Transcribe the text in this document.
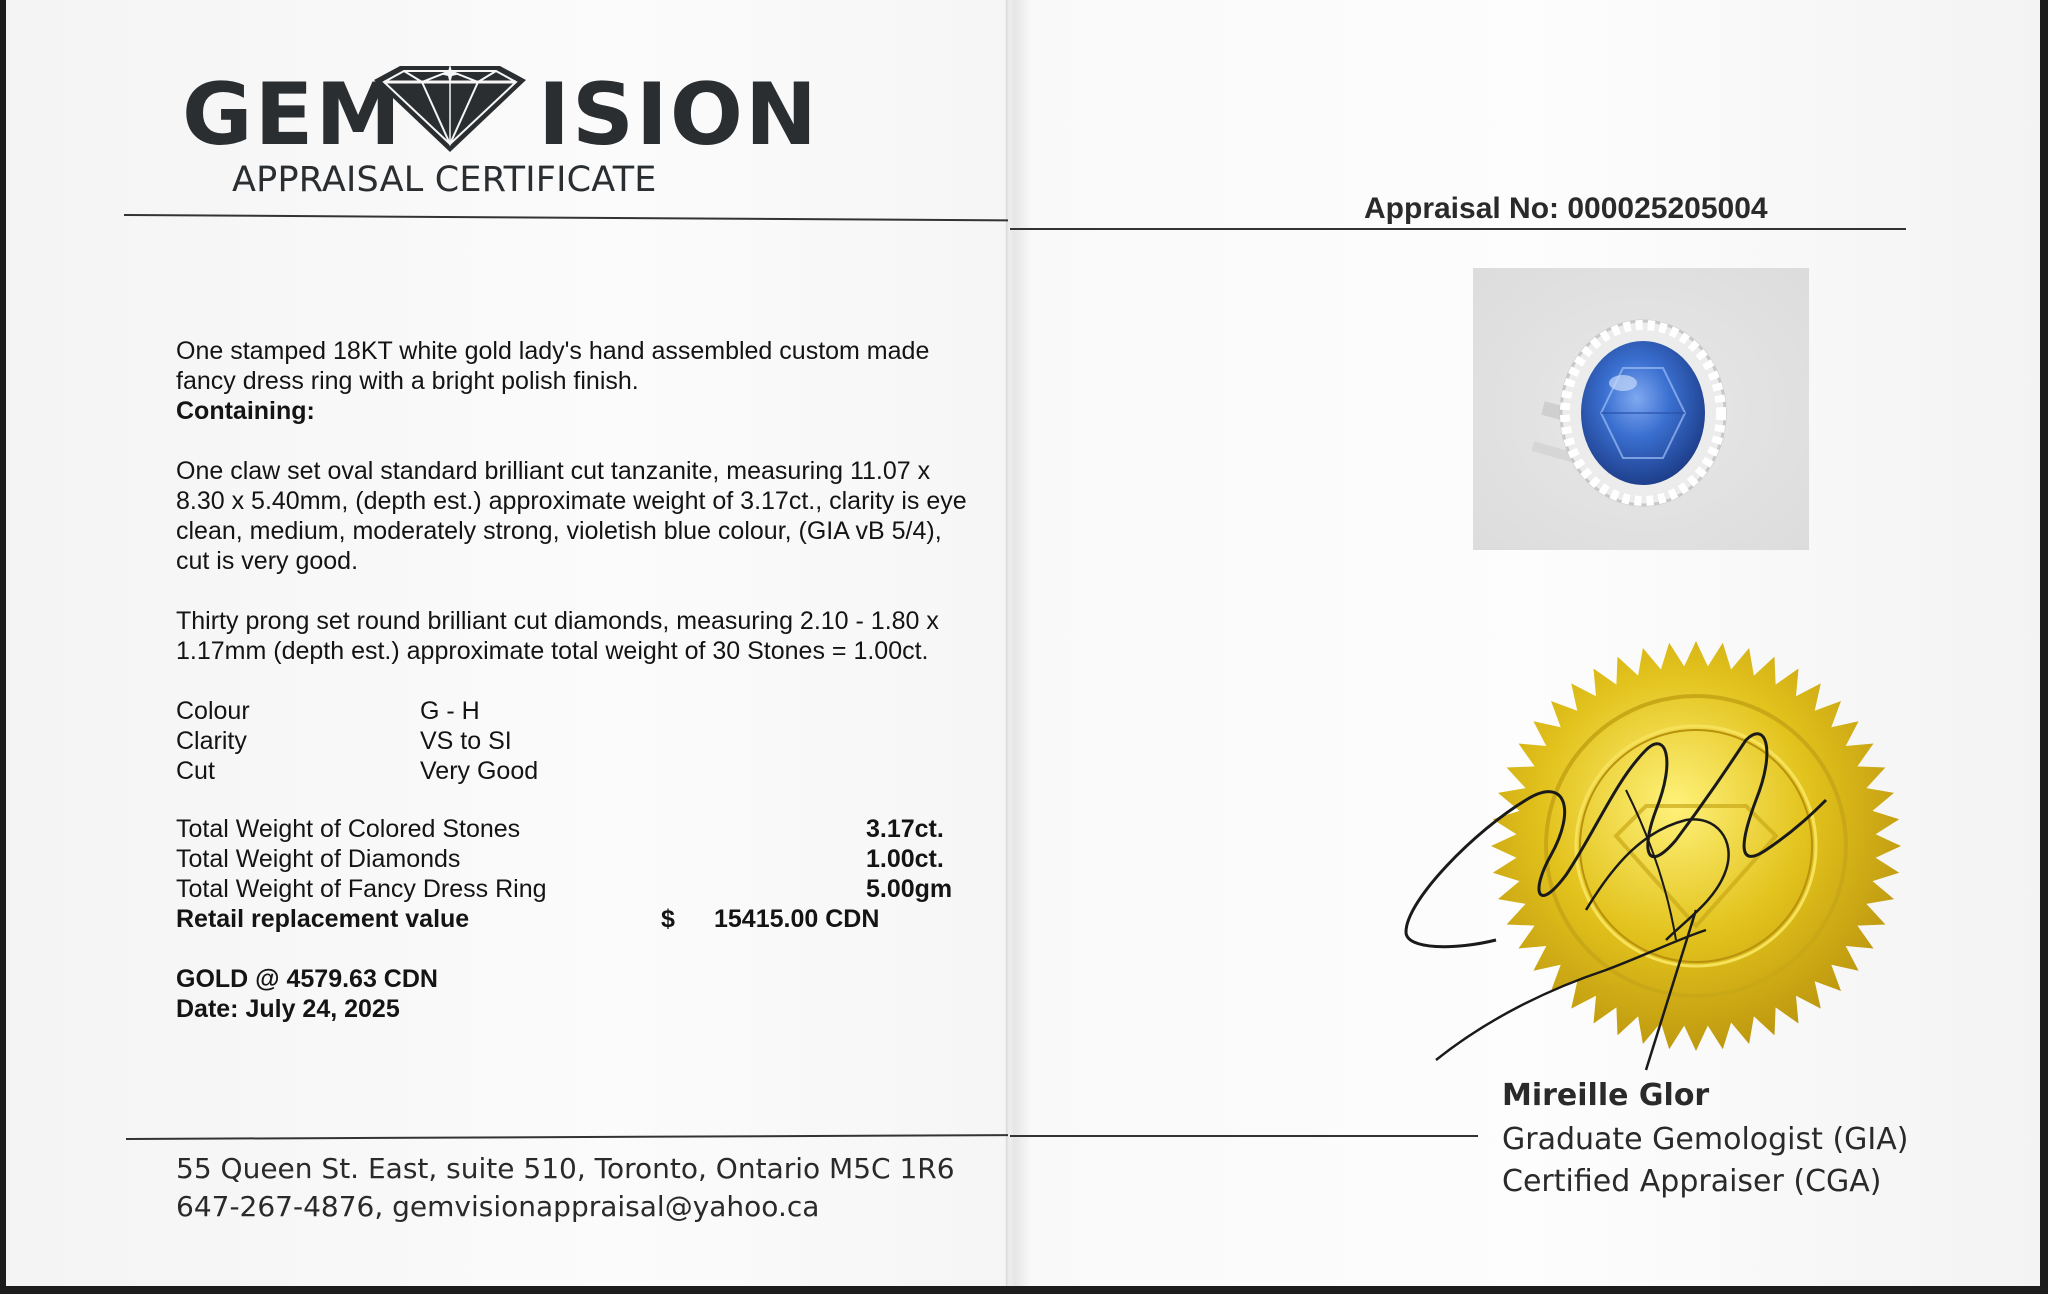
GEM ISION
APPRAISAL CERTIFICATE
Appraisal No: 000025205004
One stamped 18KT white gold lady's hand assembled custom made
fancy dress ring with a bright polish finish.
Containing:
One claw set oval standard brilliant cut tanzanite, measuring 11.07 x
8.30 x 5.40mm, (depth est.) approximate weight of 3.17ct., clarity is eye
clean, medium, moderately strong, violetish blue colour, (GIA vB 5/4),
cut is very good.
Thirty prong set round brilliant cut diamonds, measuring 2.10 - 1.80 x
1.17mm (depth est.) approximate total weight of 30 Stones = 1.00ct.
Colour	G - H
Clarity	VS to SI
Cut	Very Good
Total Weight of Colored Stones	3.17ct.
Total Weight of Diamonds	1.00ct.
Total Weight of Fancy Dress Ring	5.00gm
Retail replacement value	$ 15415.00 CDN
GOLD @ 4579.63 CDN
Date: July 24, 2025
Mireille Glor
Graduate Gemologist (GIA)
Certified Appraiser (CGA)
55 Queen St. East, suite 510, Toronto, Ontario M5C 1R6
647-267-4876, gemvisionappraisal@yahoo.ca
